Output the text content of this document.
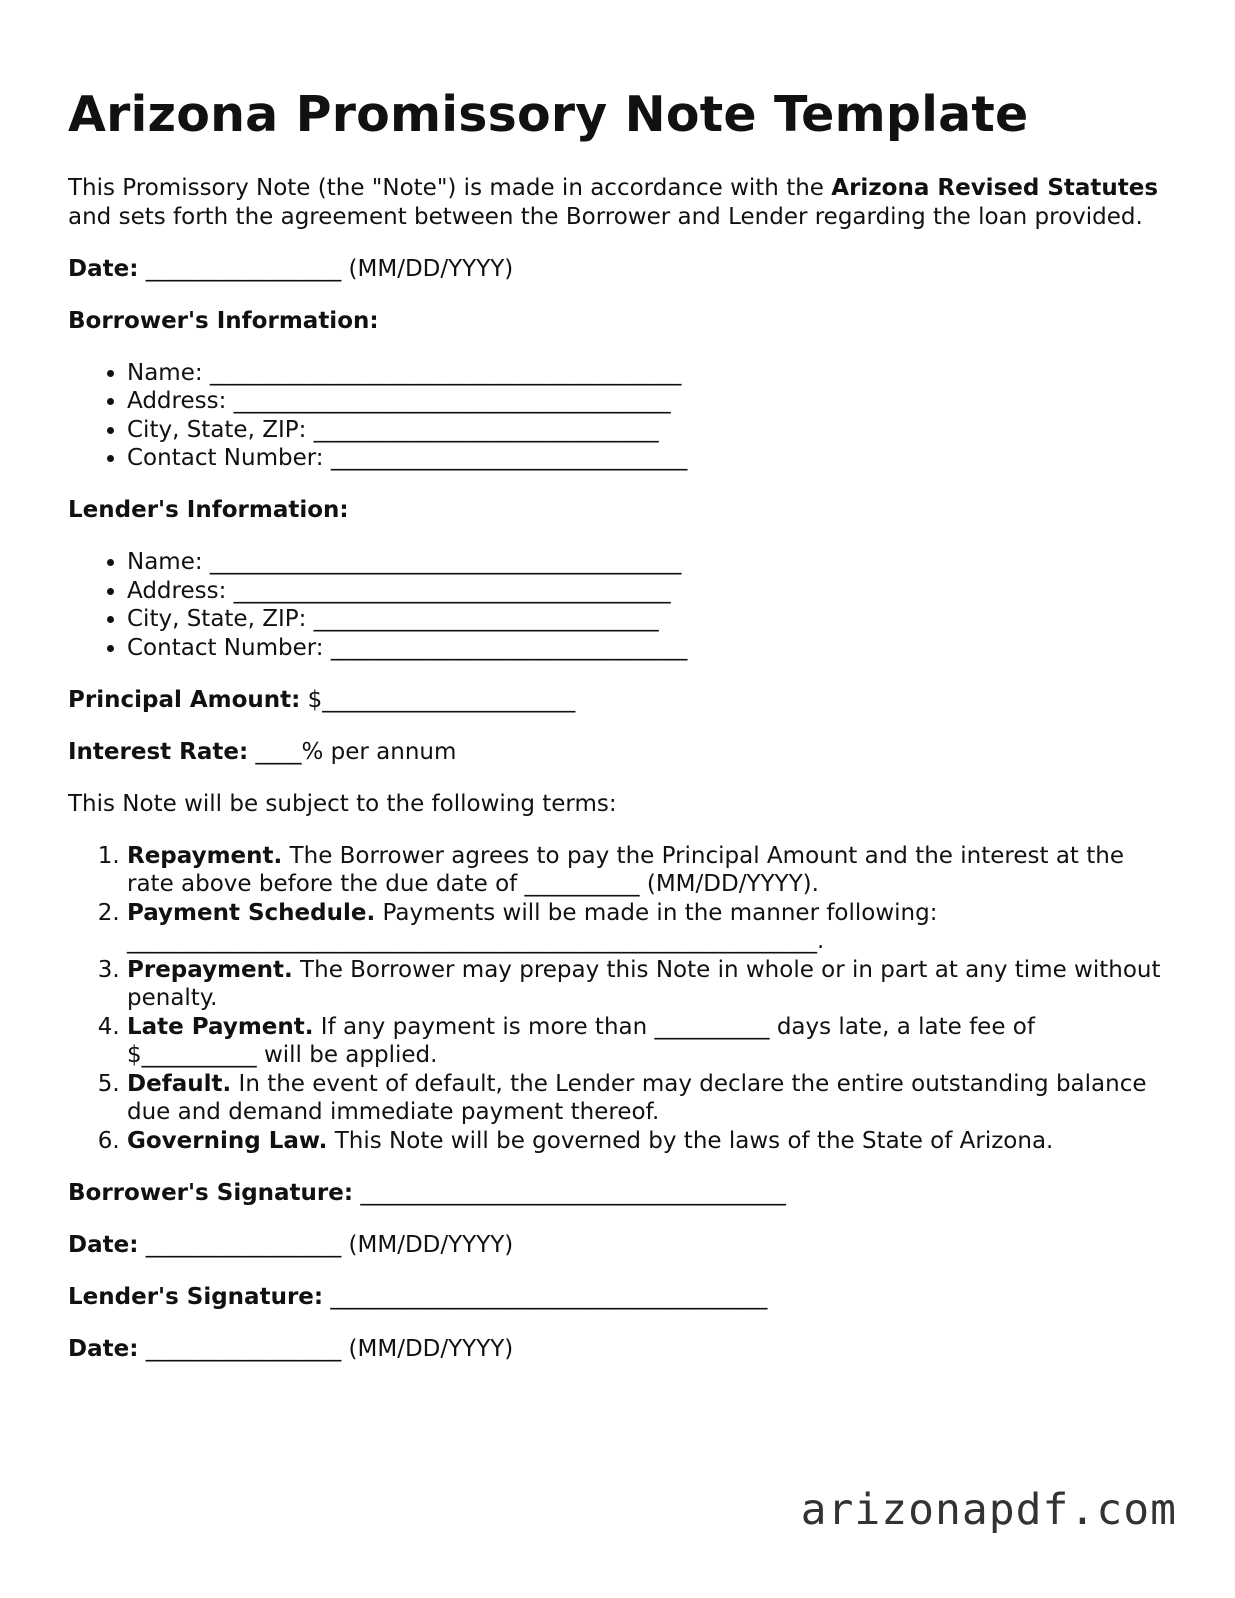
Arizona Promissory Note Template

This Promissory Note (the "Note") is made in accordance with the Arizona Revised Statutes and sets forth the agreement between the Borrower and Lender regarding the loan provided.

Date: _________________ (MM/DD/YYYY)

Borrower's Information:

• Name: _________________________________________
• Address: ______________________________________
• City, State, ZIP: ______________________________
• Contact Number: _______________________________

Lender's Information:

• Name: _________________________________________
• Address: ______________________________________
• City, State, ZIP: ______________________________
• Contact Number: _______________________________

Principal Amount: $______________________

Interest Rate: ____% per annum

This Note will be subject to the following terms:

1. Repayment. The Borrower agrees to pay the Principal Amount and the interest at the rate above before the due date of __________ (MM/DD/YYYY).
2. Payment Schedule. Payments will be made in the manner following: ____________________________________________________________.
3. Prepayment. The Borrower may prepay this Note in whole or in part at any time without penalty.
4. Late Payment. If any payment is more than __________ days late, a late fee of $__________ will be applied.
5. Default. In the event of default, the Lender may declare the entire outstanding balance due and demand immediate payment thereof.
6. Governing Law. This Note will be governed by the laws of the State of Arizona.

Borrower's Signature: _____________________________________

Date: _________________ (MM/DD/YYYY)

Lender's Signature: ______________________________________

Date: _________________ (MM/DD/YYYY)

arizonapdf.com
